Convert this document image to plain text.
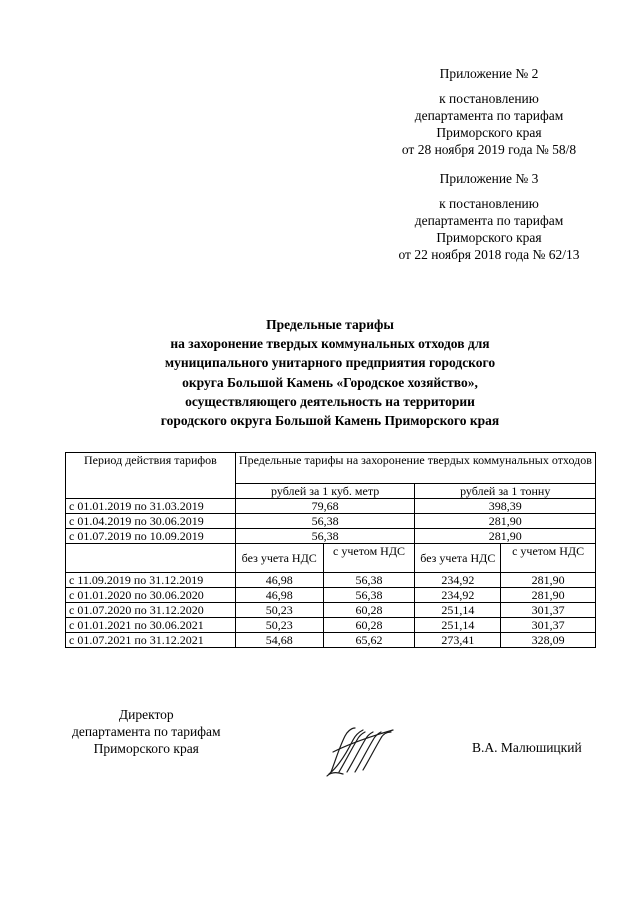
Приложение № 2
к постановлению
департамента по тарифам
Приморского края
от 28 ноября 2019 года № 58/8
Приложение № 3
к постановлению
департамента по тарифам
Приморского края
от 22 ноября 2018 года № 62/13
Предельные тарифы
на захоронение твердых коммунальных отходов для
муниципального унитарного предприятия городского
округа Большой Камень «Городское хозяйство»,
осуществляющего деятельность на территории
городского округа Большой Камень Приморского края
Период действия тарифов	Предельные тарифы на захоронение твердых коммунальных отходов			
	рублей за 1 куб. метр		рублей за 1 тонну	
с 01.01.2019 по 31.03.2019	79,68		398,39	
с 01.04.2019 по 30.06.2019	56,38		281,90	
с 01.07.2019 по 10.09.2019	56,38		281,90	
	без учета НДС	с учетом НДС	без учета НДС	с учетом НДС
с 11.09.2019 по 31.12.2019	46,98	56,38	234,92	281,90
с 01.01.2020 по 30.06.2020	46,98	56,38	234,92	281,90
с 01.07.2020 по 31.12.2020	50,23	60,28	251,14	301,37
с 01.01.2021 по 30.06.2021	50,23	60,28	251,14	301,37
с 01.07.2021 по 31.12.2021	54,68	65,62	273,41	328,09
Директор
департамента по тарифам
Приморского края	В.А. Малюшицкий
